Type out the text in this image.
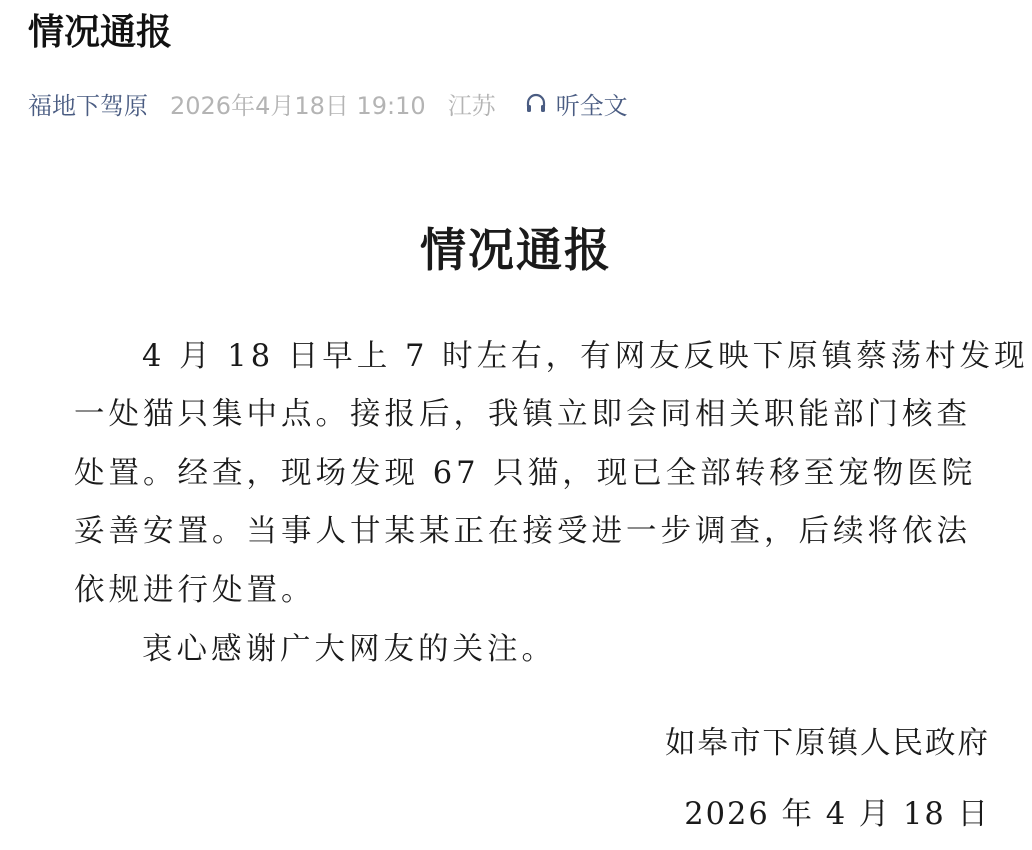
情况通报
福地下驾原 2026年4月18日 19:10 江苏	听全文
情况通报
4 月 18 日早上 7 时左右，有网友反映下原镇蔡荡村发现
一处猫只集中点。接报后，我镇立即会同相关职能部门核查
处置。经查，现场发现 67 只猫，现已全部转移至宠物医院
妥善安置。当事人甘某某正在接受进一步调查，后续将依法
依规进行处置。
衷心感谢广大网友的关注。
如皋市下原镇人民政府
2026 年 4 月 18 日
